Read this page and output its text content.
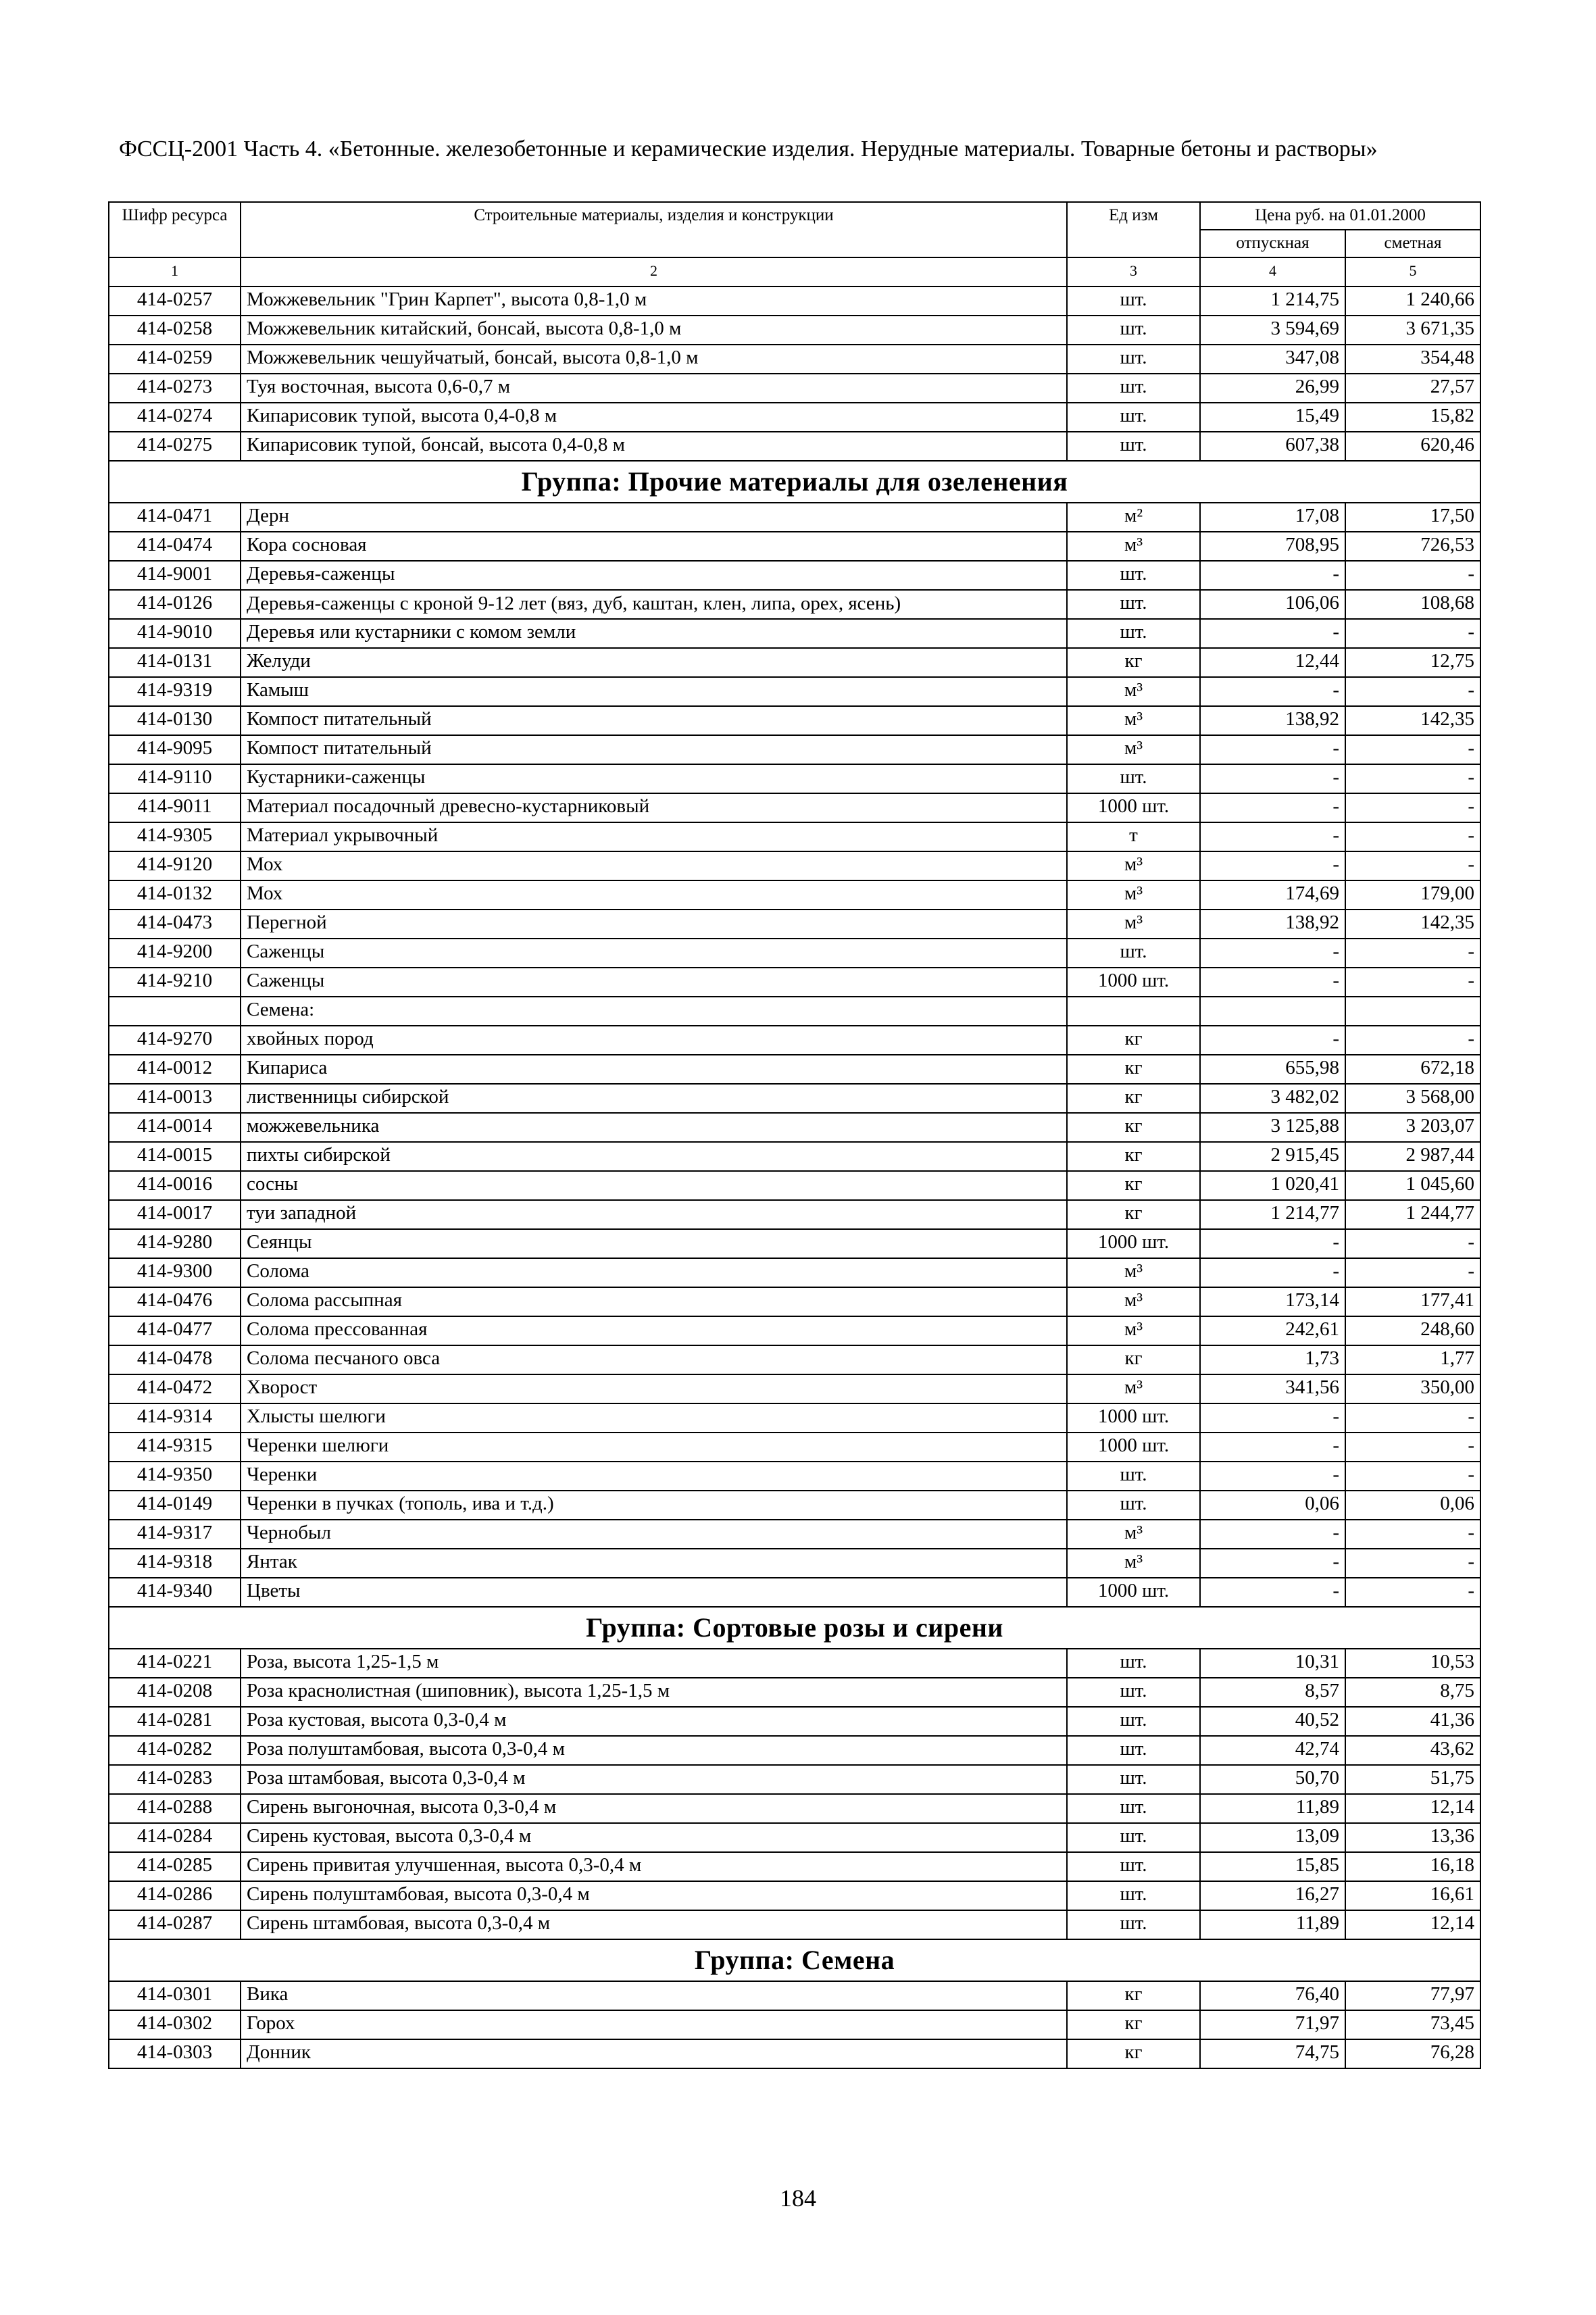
ФССЦ-2001 Часть 4. «Бетонные. железобетонные и керамические изделия. Нерудные материалы. Товарные бетоны и растворы»
Шифр ресурса	Строительные материалы, изделия и конструкции	Ед изм	Цена руб. на 01.01.2000	
			отпускная	сметная
1	2	3	4	5
414-0257	Можжевельник "Грин Карпет", высота 0,8-1,0 м	шт.	1 214,75	1 240,66
414-0258	Можжевельник китайский, бонсай, высота 0,8-1,0 м	шт.	3 594,69	3 671,35
414-0259	Можжевельник чешуйчатый, бонсай, высота 0,8-1,0 м	шт.	347,08	354,48
414-0273	Туя восточная, высота 0,6-0,7 м	шт.	26,99	27,57
414-0274	Кипарисовик тупой, высота 0,4-0,8 м	шт.	15,49	15,82
414-0275	Кипарисовик тупой, бонсай, высота 0,4-0,8 м	шт.	607,38	620,46
Группа: Прочие материалы для озеленения				
414-0471	Дерн	м²	17,08	17,50
414-0474	Кора сосновая	м³	708,95	726,53
414-9001	Деревья-саженцы	шт.	-	-
414-0126	Деревья-саженцы с кроной 9-12 лет (вяз, дуб, каштан, клен, липа, орех, ясень)	шт.	106,06	108,68
414-9010	Деревья или кустарники с комом земли	шт.	-	-
414-0131	Желуди	кг	12,44	12,75
414-9319	Камыш	м³	-	-
414-0130	Компост питательный	м³	138,92	142,35
414-9095	Компост питательный	м³	-	-
414-9110	Кустарники-саженцы	шт.	-	-
414-9011	Материал посадочный древесно-кустарниковый	1000 шт.	-	-
414-9305	Материал укрывочный	т	-	-
414-9120	Мох	м³	-	-
414-0132	Мох	м³	174,69	179,00
414-0473	Перегной	м³	138,92	142,35
414-9200	Саженцы	шт.	-	-
414-9210	Саженцы	1000 шт.	-	-
	Семена:			
414-9270	хвойных пород	кг	-	-
414-0012	Кипариса	кг	655,98	672,18
414-0013	лиственницы сибирской	кг	3 482,02	3 568,00
414-0014	можжевельника	кг	3 125,88	3 203,07
414-0015	пихты сибирской	кг	2 915,45	2 987,44
414-0016	сосны	кг	1 020,41	1 045,60
414-0017	туи западной	кг	1 214,77	1 244,77
414-9280	Сеянцы	1000 шт.	-	-
414-9300	Солома	м³	-	-
414-0476	Солома рассыпная	м³	173,14	177,41
414-0477	Солома прессованная	м³	242,61	248,60
414-0478	Солома песчаного овса	кг	1,73	1,77
414-0472	Хворост	м³	341,56	350,00
414-9314	Хлысты шелюги	1000 шт.	-	-
414-9315	Черенки шелюги	1000 шт.	-	-
414-9350	Черенки	шт.	-	-
414-0149	Черенки в пучках (тополь, ива и т.д.)	шт.	0,06	0,06
414-9317	Чернобыл	м³	-	-
414-9318	Янтак	м³	-	-
414-9340	Цветы	1000 шт.	-	-
Группа: Сортовые розы и сирени				
414-0221	Роза, высота 1,25-1,5 м	шт.	10,31	10,53
414-0208	Роза краснолистная (шиповник), высота 1,25-1,5 м	шт.	8,57	8,75
414-0281	Роза кустовая, высота 0,3-0,4 м	шт.	40,52	41,36
414-0282	Роза полуштамбовая, высота 0,3-0,4 м	шт.	42,74	43,62
414-0283	Роза штамбовая, высота 0,3-0,4 м	шт.	50,70	51,75
414-0288	Сирень выгоночная, высота 0,3-0,4 м	шт.	11,89	12,14
414-0284	Сирень кустовая, высота 0,3-0,4 м	шт.	13,09	13,36
414-0285	Сирень привитая улучшенная, высота 0,3-0,4 м	шт.	15,85	16,18
414-0286	Сирень полуштамбовая, высота 0,3-0,4 м	шт.	16,27	16,61
414-0287	Сирень штамбовая, высота 0,3-0,4 м	шт.	11,89	12,14
Группа: Семена				
414-0301	Вика	кг	76,40	77,97
414-0302	Горох	кг	71,97	73,45
414-0303	Донник	кг	74,75	76,28
184
